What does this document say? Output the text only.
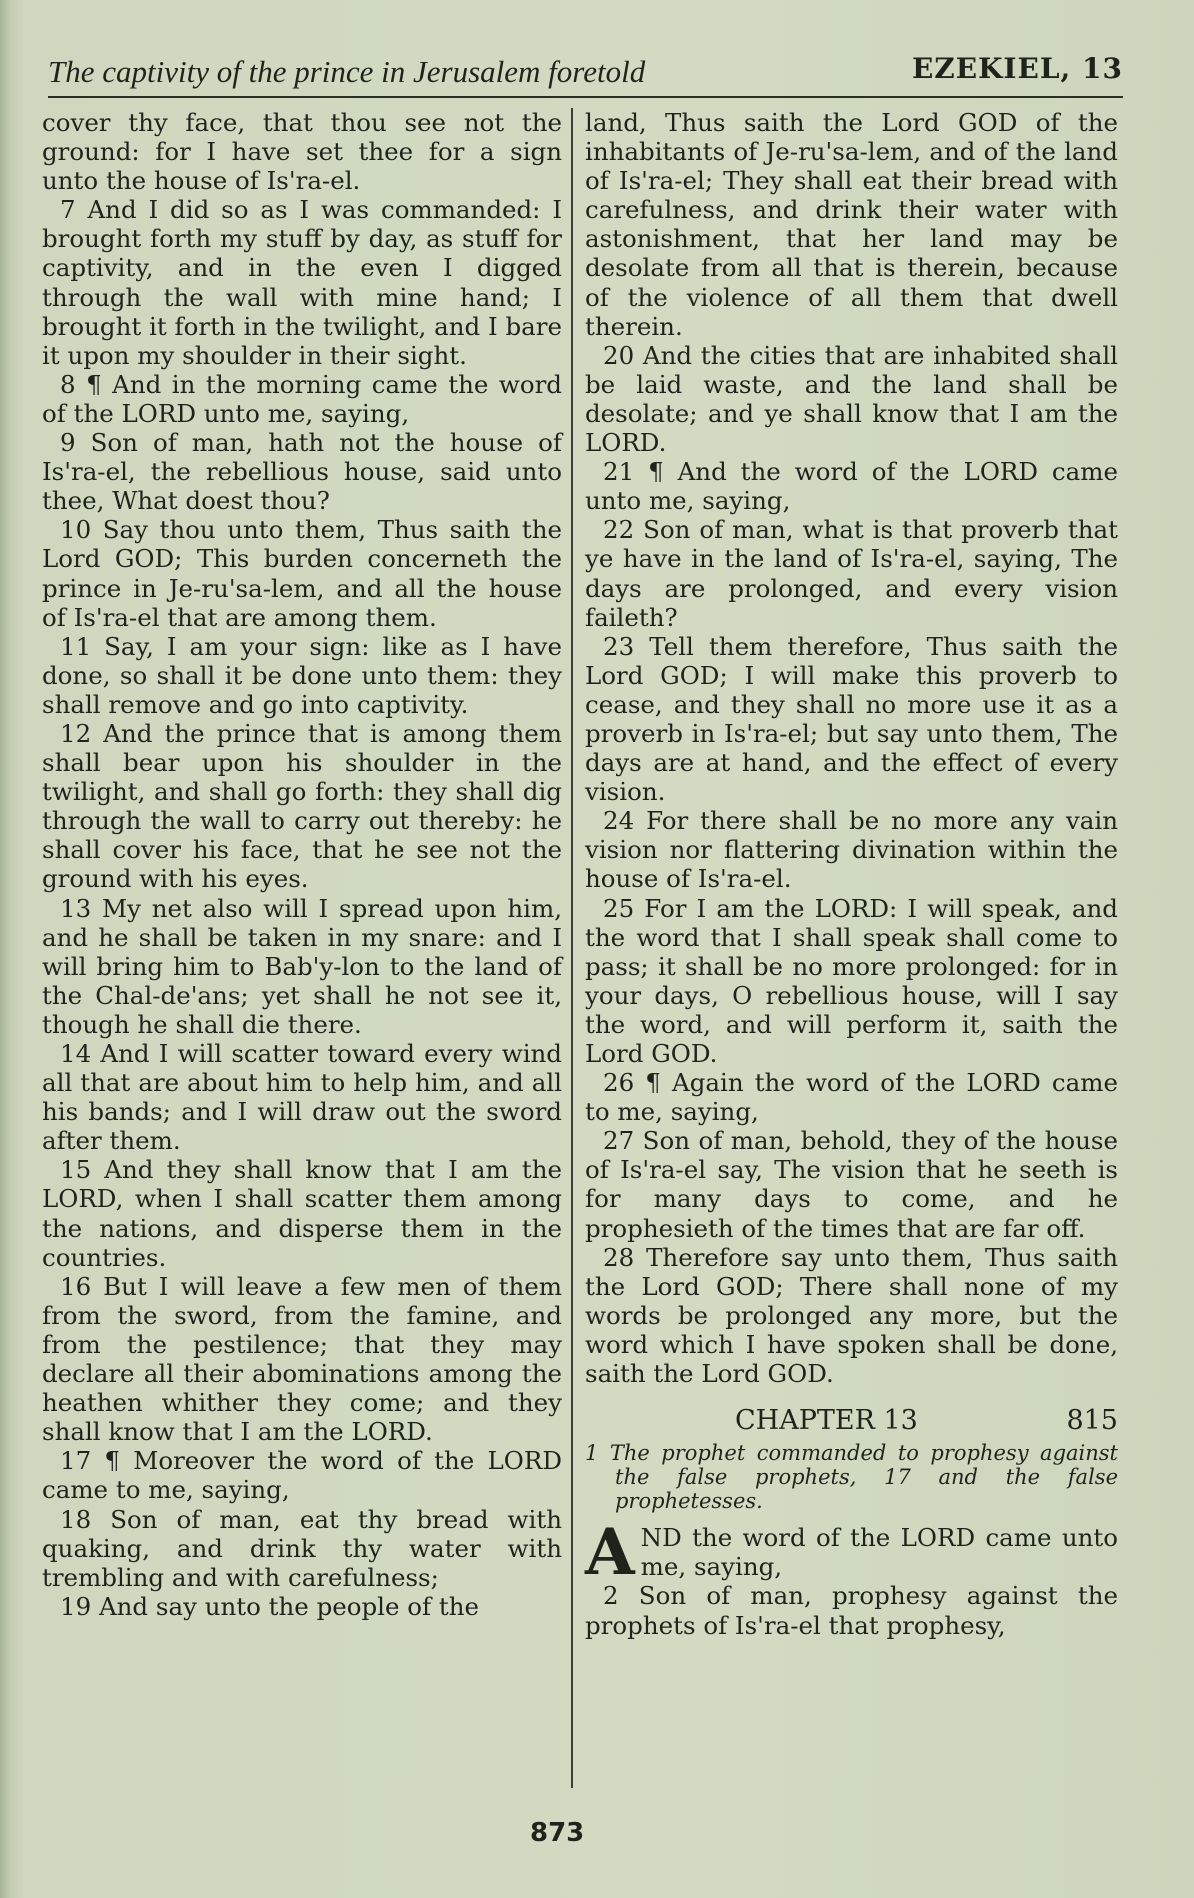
The captivity of the prince in Jerusalem foretold	EZEKIEL, 13

cover thy face, that thou see not the ground: for I have set thee for a sign unto the house of Is'ra-el.

7 And I did so as I was commanded: I brought forth my stuff by day, as stuff for captivity, and in the even I digged through the wall with mine hand; I brought it forth in the twilight, and I bare it upon my shoulder in their sight.

8 ¶ And in the morning came the word of the LORD unto me, saying,

9 Son of man, hath not the house of Is'ra-el, the rebellious house, said unto thee, What doest thou?

10 Say thou unto them, Thus saith the Lord GOD; This burden concerneth the prince in Je-ru'sa-lem, and all the house of Is'ra-el that are among them.

11 Say, I am your sign: like as I have done, so shall it be done unto them: they shall remove and go into captivity.

12 And the prince that is among them shall bear upon his shoulder in the twilight, and shall go forth: they shall dig through the wall to carry out thereby: he shall cover his face, that he see not the ground with his eyes.

13 My net also will I spread upon him, and he shall be taken in my snare: and I will bring him to Bab'y-lon to the land of the Chal-de'ans; yet shall he not see it, though he shall die there.

14 And I will scatter toward every wind all that are about him to help him, and all his bands; and I will draw out the sword after them.

15 And they shall know that I am the LORD, when I shall scatter them among the nations, and disperse them in the countries.

16 But I will leave a few men of them from the sword, from the famine, and from the pestilence; that they may declare all their abominations among the heathen whither they come; and they shall know that I am the LORD.

17 ¶ Moreover the word of the LORD came to me, saying,

18 Son of man, eat thy bread with quaking, and drink thy water with trembling and with carefulness;

19 And say unto the people of the

land, Thus saith the Lord GOD of the inhabitants of Je-ru'sa-lem, and of the land of Is'ra-el; They shall eat their bread with carefulness, and drink their water with astonishment, that her land may be desolate from all that is therein, because of the violence of all them that dwell therein.

20 And the cities that are inhabited shall be laid waste, and the land shall be desolate; and ye shall know that I am the LORD.

21 ¶ And the word of the LORD came unto me, saying,

22 Son of man, what is that proverb that ye have in the land of Is'ra-el, saying, The days are prolonged, and every vision faileth?

23 Tell them therefore, Thus saith the Lord GOD; I will make this proverb to cease, and they shall no more use it as a proverb in Is'ra-el; but say unto them, The days are at hand, and the effect of every vision.

24 For there shall be no more any vain vision nor flattering divination within the house of Is'ra-el.

25 For I am the LORD: I will speak, and the word that I shall speak shall come to pass; it shall be no more prolonged: for in your days, O rebellious house, will I say the word, and will perform it, saith the Lord GOD.

26 ¶ Again the word of the LORD came to me, saying,

27 Son of man, behold, they of the house of Is'ra-el say, The vision that he seeth is for many days to come, and he prophesieth of the times that are far off.

28 Therefore say unto them, Thus saith the Lord GOD; There shall none of my words be prolonged any more, but the word which I have spoken shall be done, saith the Lord GOD.

CHAPTER 13	815

1 The prophet commanded to prophesy against the false prophets, 17 and the false prophetesses.

AND the word of the LORD came unto me, saying,

2 Son of man, prophesy against the prophets of Is'ra-el that prophesy,

873
